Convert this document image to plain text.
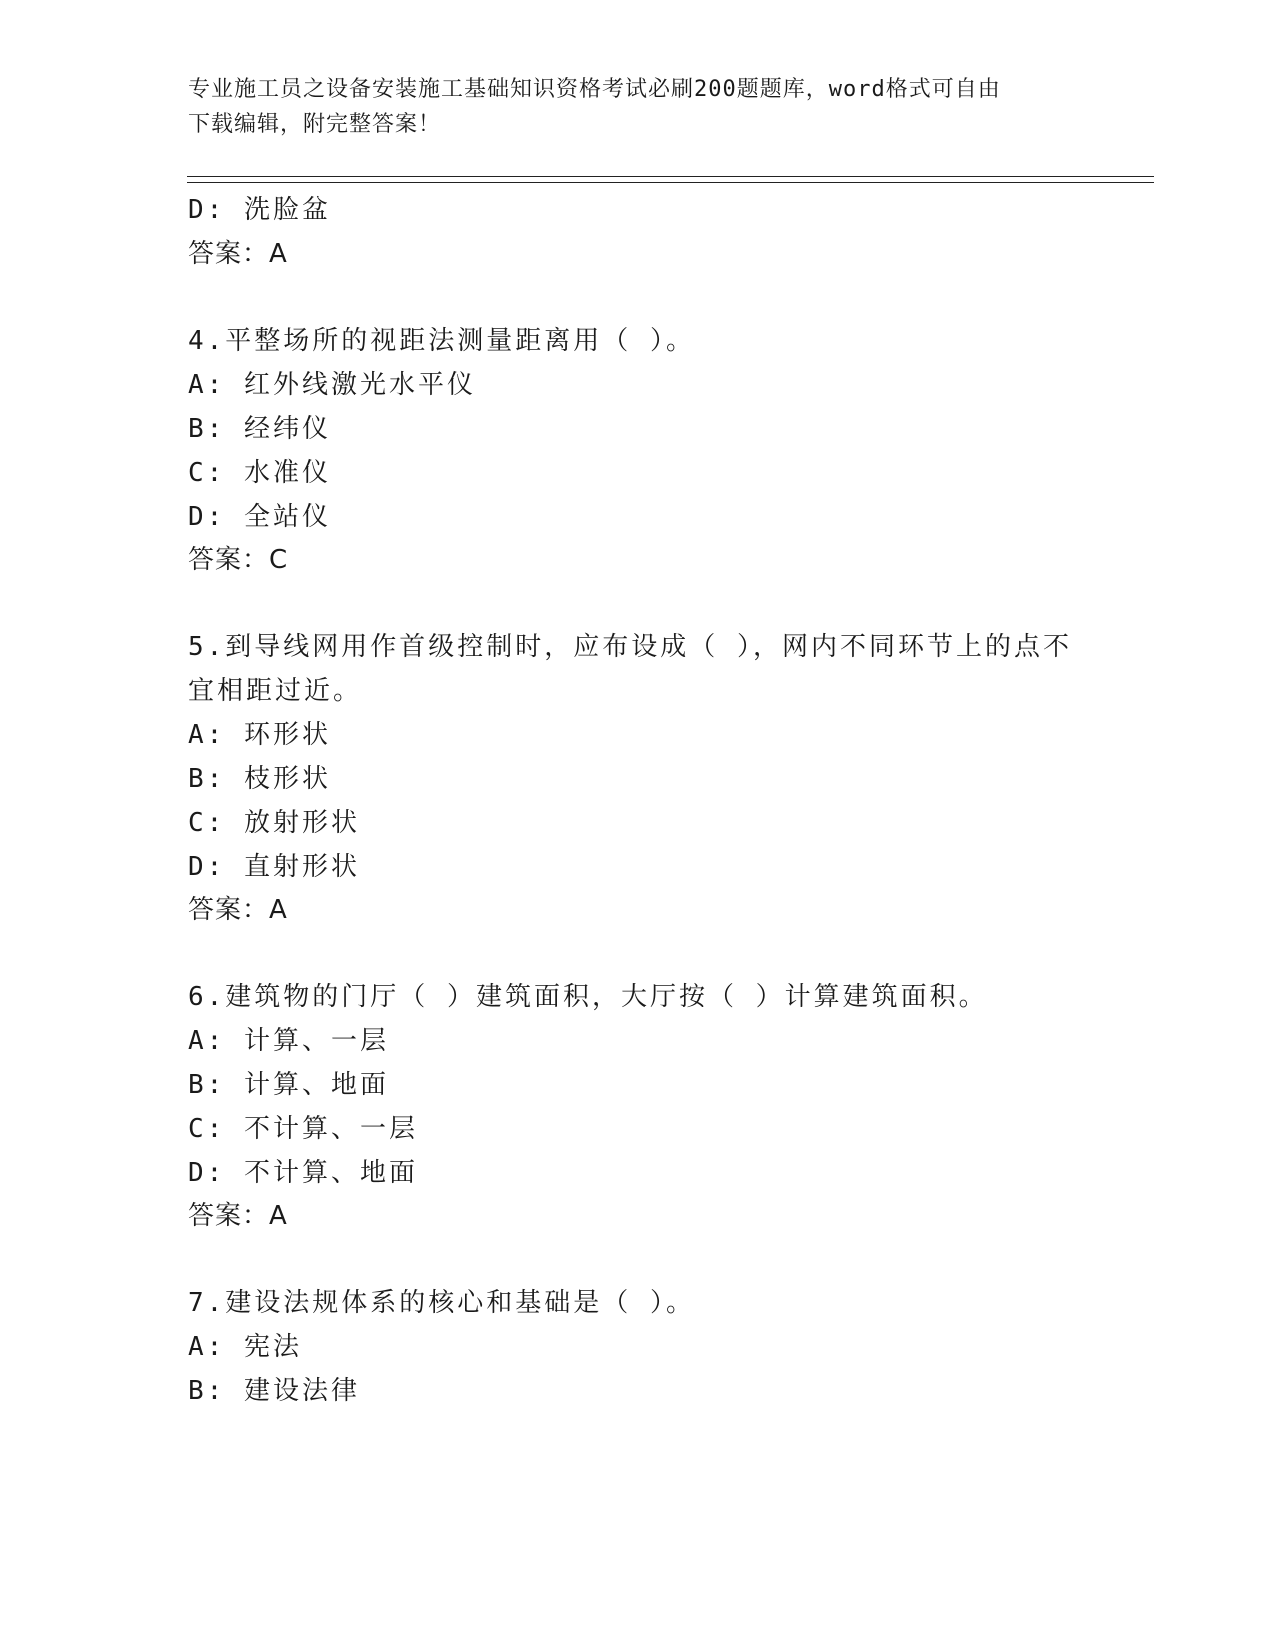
专业施工员之设备安装施工基础知识资格考试必刷200题题库，word格式可自由
下载编辑，附完整答案！
D: 洗脸盆
答案：A
4.平整场所的视距法测量距离用（ ）。
A: 红外线激光水平仪
B: 经纬仪
C: 水准仪
D: 全站仪
答案：C
5.到导线网用作首级控制时，应布设成（ ），网内不同环节上的点不
宜相距过近。
A: 环形状
B: 枝形状
C: 放射形状
D: 直射形状
答案：A
6.建筑物的门厅（ ）建筑面积，大厅按（ ）计算建筑面积。
A: 计算、一层
B: 计算、地面
C: 不计算、一层
D: 不计算、地面
答案：A
7.建设法规体系的核心和基础是（ ）。
A: 宪法
B: 建设法律
